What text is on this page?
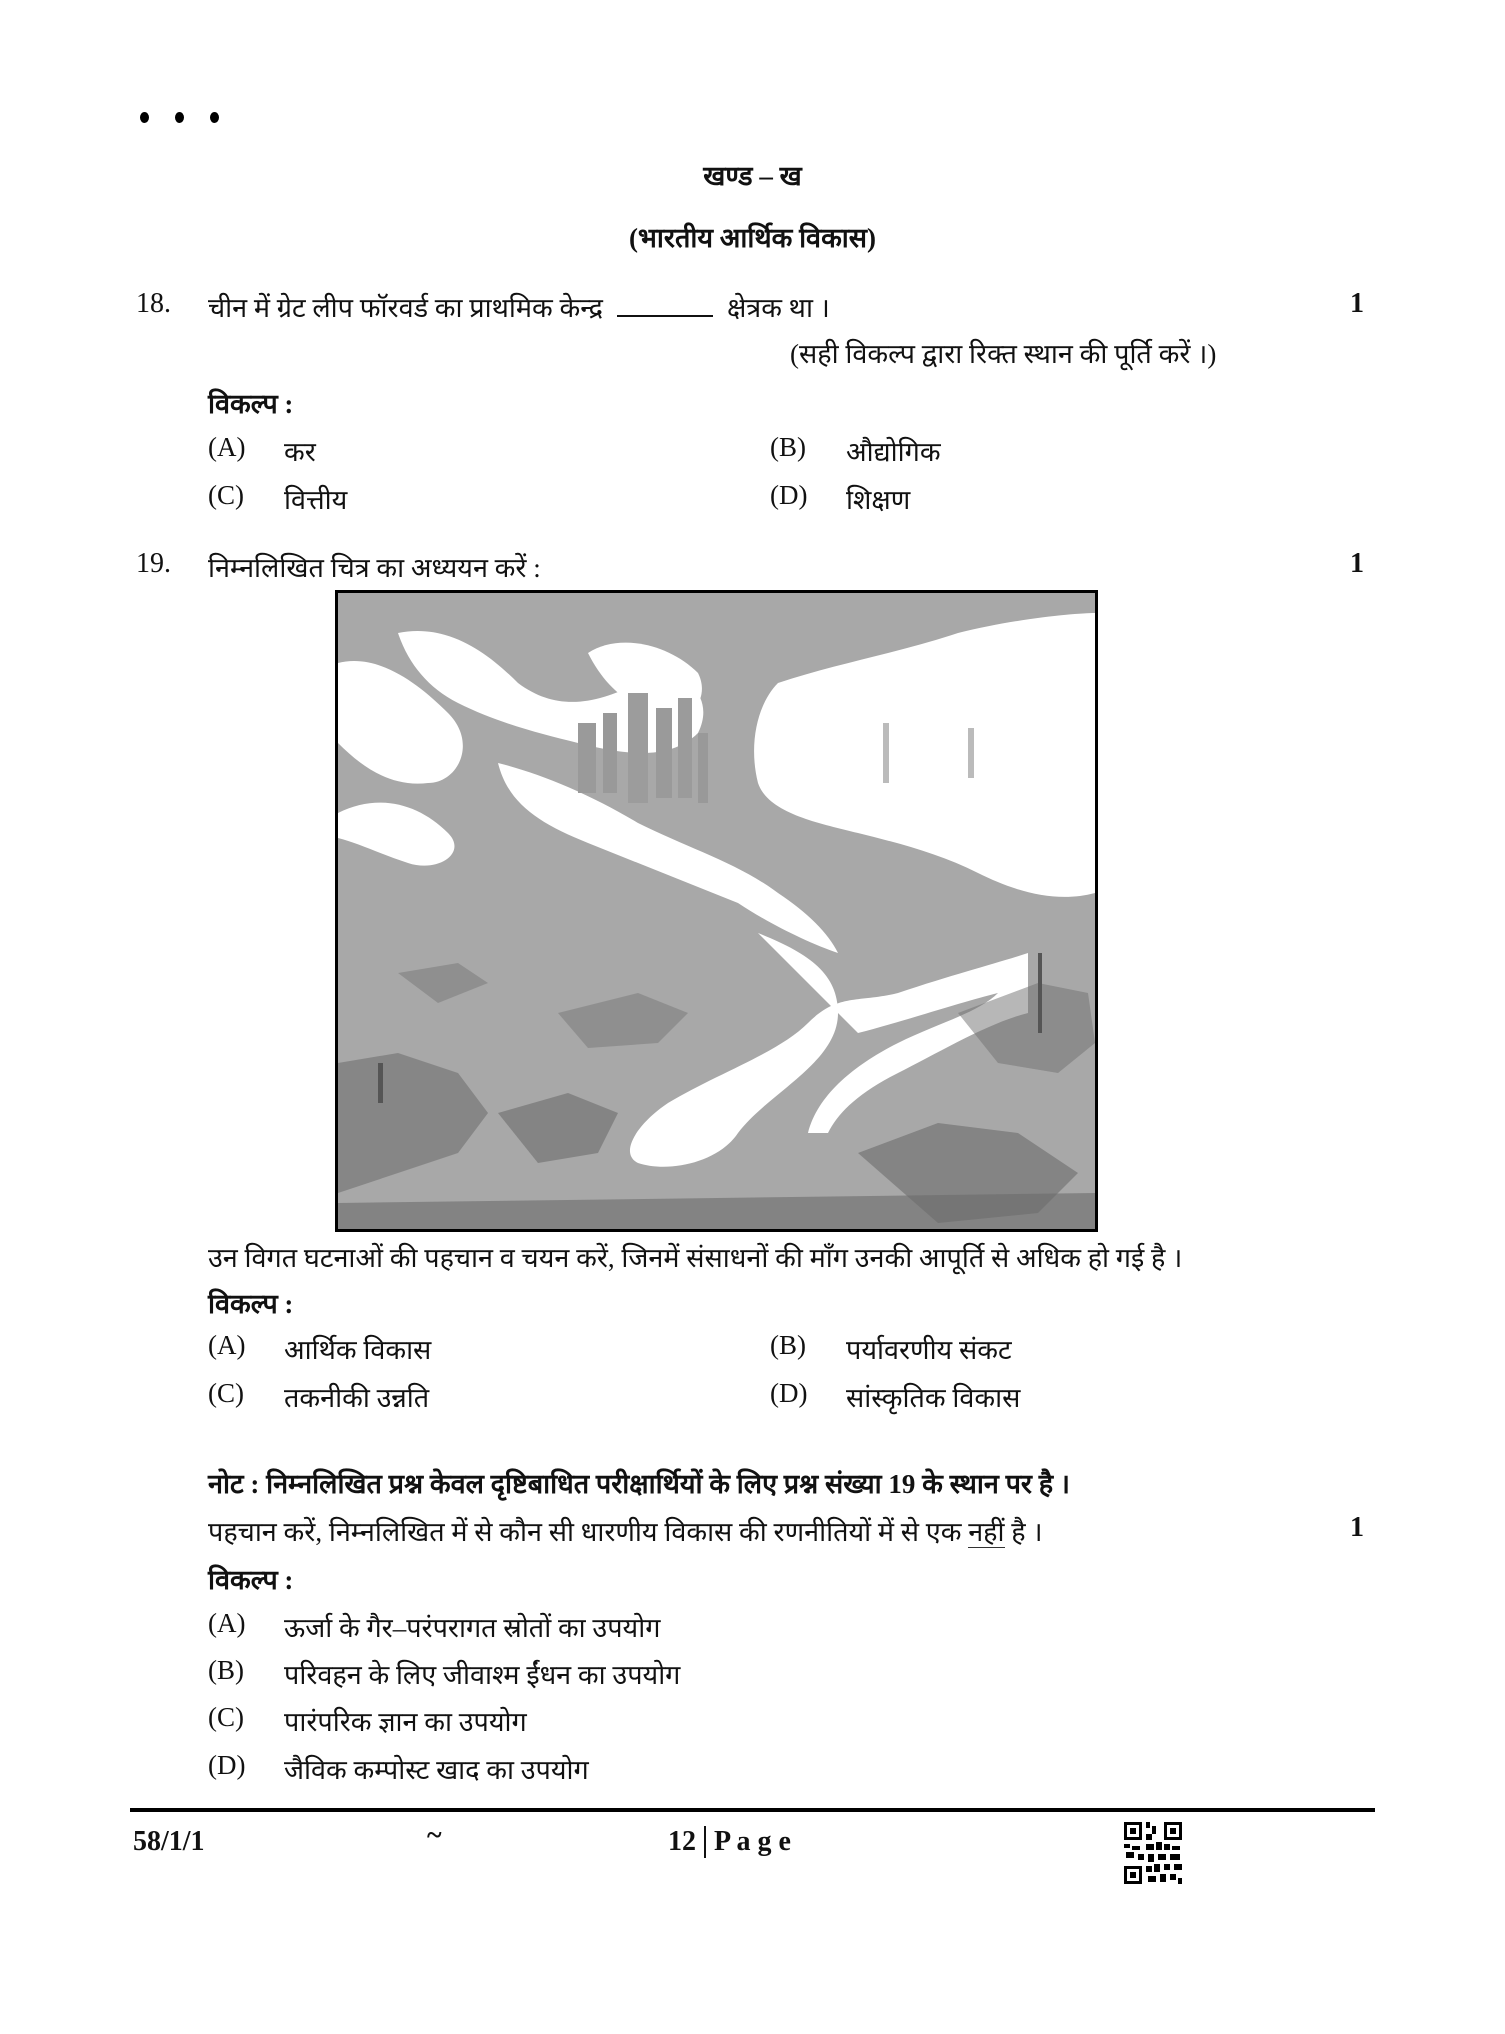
खण्ड – ख
(भारतीय आर्थिक विकास)
18. चीन में ग्रेट लीप फॉरवर्ड का प्राथमिक केन्द्र	क्षेत्रक था ।	1
(सही विकल्प द्वारा रिक्त स्थान की पूर्ति करें ।)
विकल्प :
(A)	कर	(B)	औद्योगिक
(C)	वित्तीय	(D)	शिक्षण
19. निम्नलिखित चित्र का अध्ययन करें :	1
उन विगत घटनाओं की पहचान व चयन करें, जिनमें संसाधनों की माँग उनकी आपूर्ति से अधिक हो गई है ।
विकल्प :
(A)	आर्थिक विकास	(B)	पर्यावरणीय संकट
(C)	तकनीकी उन्नति	(D)	सांस्कृतिक विकास
नोट : निम्नलिखित प्रश्न केवल दृष्टिबाधित परीक्षार्थियों के लिए प्रश्न संख्या 19 के स्थान पर है ।
पहचान करें, निम्नलिखित में से कौन सी धारणीय विकास की रणनीतियों में से एक नहीं है ।	1
विकल्प :
(A)	ऊर्जा के गैर–परंपरागत स्रोतों का उपयोग
(B)	परिवहन के लिए जीवाश्म ईंधन का उपयोग
(C)	पारंपरिक ज्ञान का उपयोग
(D)	जैविक कम्पोस्ट खाद का उपयोग
58/1/1	~	12 P a g e
